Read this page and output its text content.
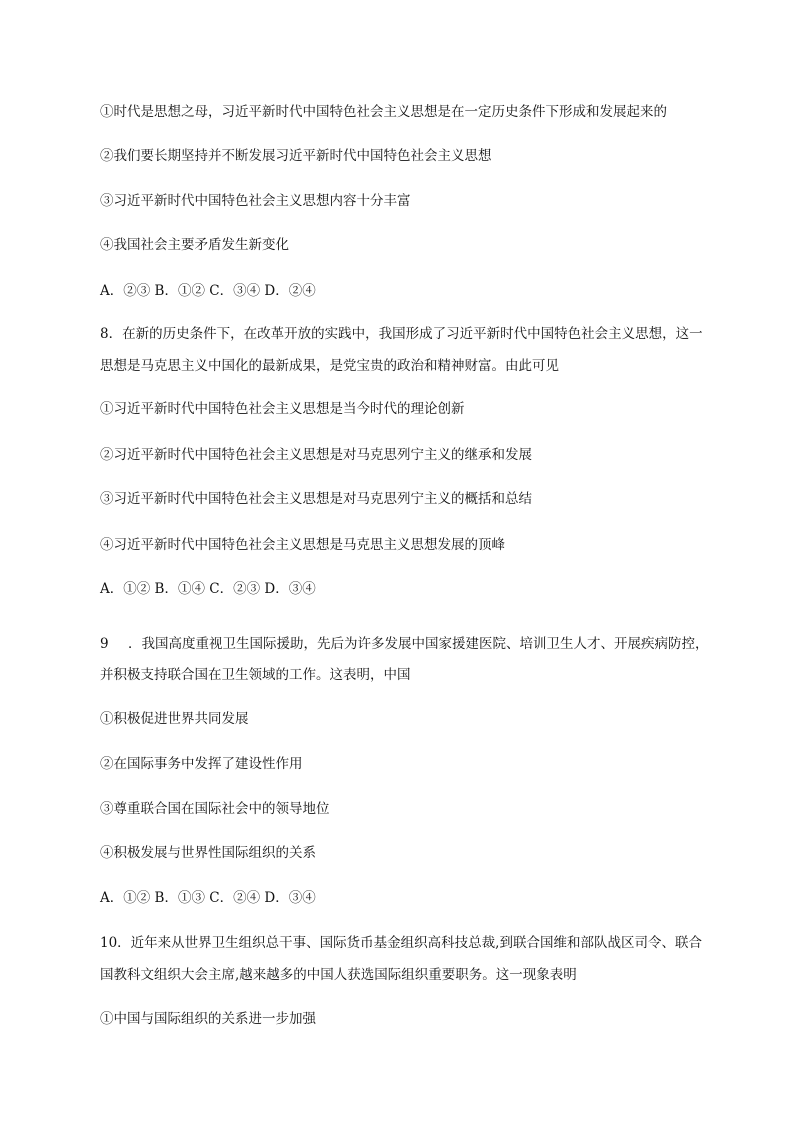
①时代是思想之母，习近平新时代中国特色社会主义思想是在一定历史条件下形成和发展起来的
②我们要长期坚持并不断发展习近平新时代中国特色社会主义思想
③习近平新时代中国特色社会主义思想内容十分丰富
④我国社会主要矛盾发生新变化
A．②③ B．①② C．③④ D．②④
8．在新的历史条件下，在改革开放的实践中，我国形成了习近平新时代中国特色社会主义思想，这一
思想是马克思主义中国化的最新成果，是党宝贵的政治和精神财富。由此可见
①习近平新时代中国特色社会主义思想是当今时代的理论创新
②习近平新时代中国特色社会主义思想是对马克思列宁主义的继承和发展
③习近平新时代中国特色社会主义思想是对马克思列宁主义的概括和总结
④习近平新时代中国特色社会主义思想是马克思主义思想发展的顶峰
A．①② B．①④ C．②③ D．③④
9 ．我国高度重视卫生国际援助，先后为许多发展中国家援建医院、培训卫生人才、开展疾病防控，
并积极支持联合国在卫生领域的工作。这表明，中国
①积极促进世界共同发展
②在国际事务中发挥了建设性作用
③尊重联合国在国际社会中的领导地位
④积极发展与世界性国际组织的关系
A．①② B．①③ C．②④ D．③④
10．近年来从世界卫生组织总干事、国际货币基金组织高科技总裁,到联合国维和部队战区司令、联合
国教科文组织大会主席,越来越多的中国人获选国际组织重要职务。这一现象表明
①中国与国际组织的关系进一步加强
